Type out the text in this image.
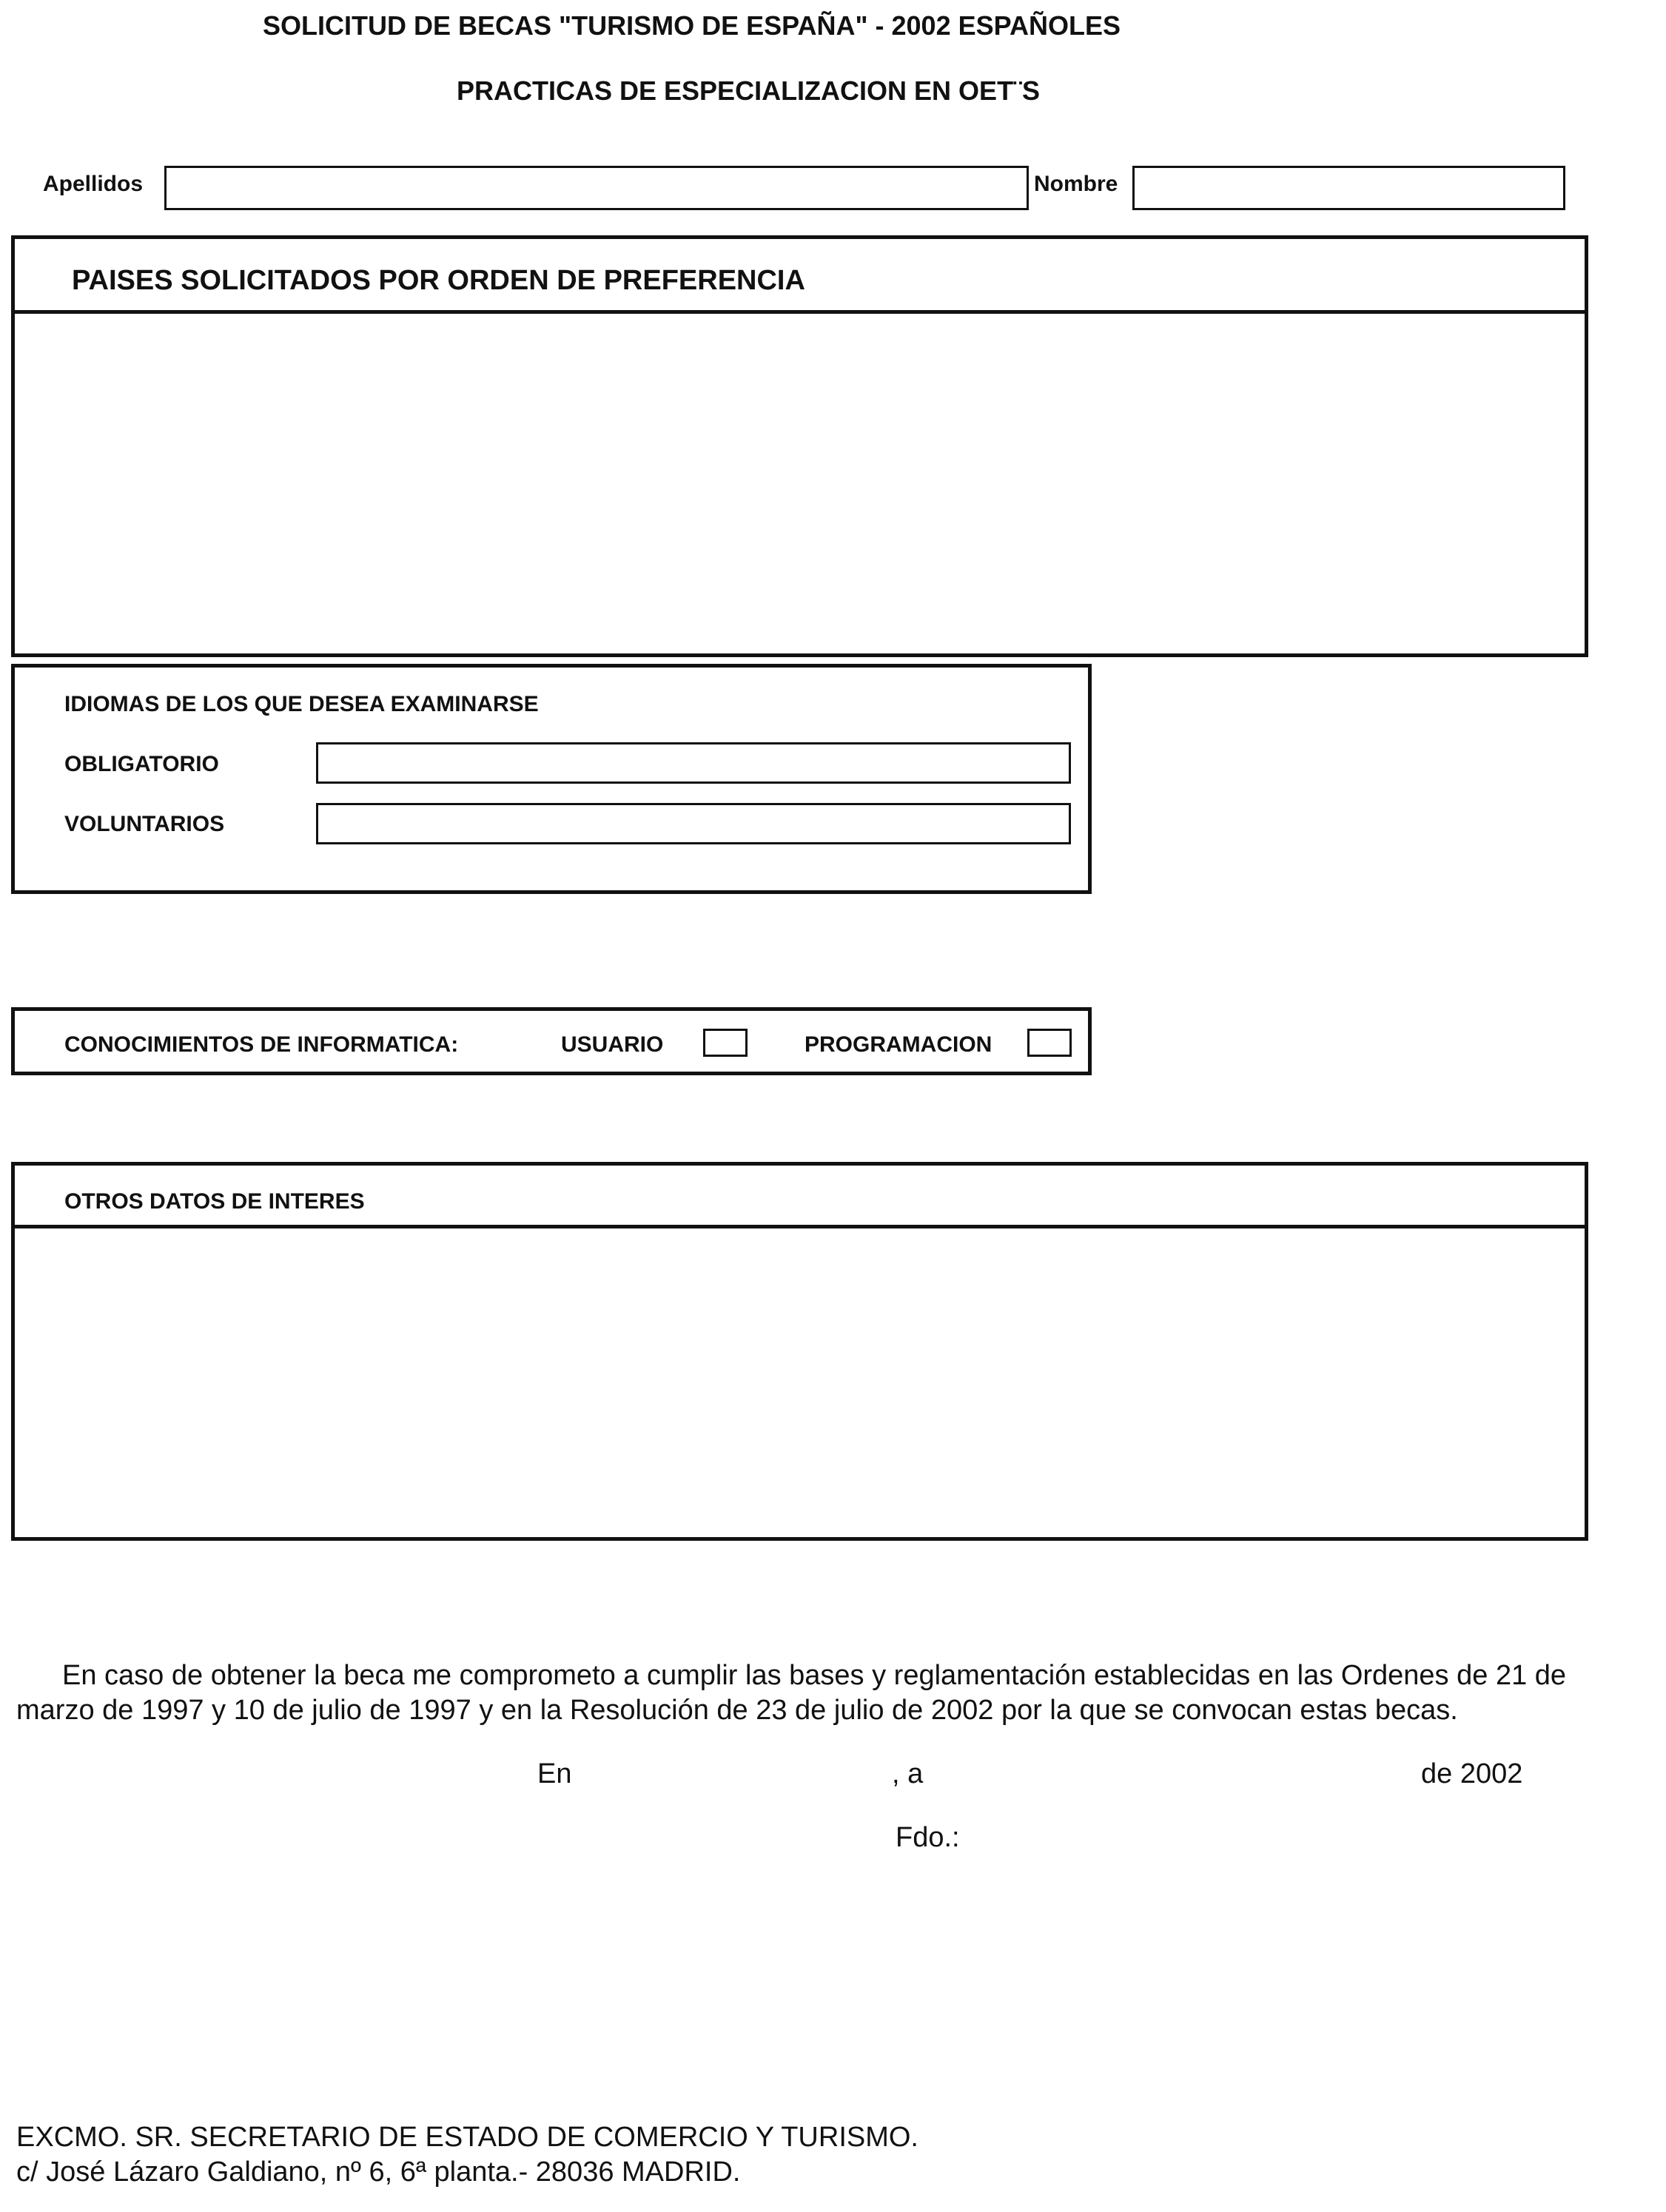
SOLICITUD DE BECAS "TURISMO DE ESPAÑA" - 2002 ESPAÑOLES
PRACTICAS DE ESPECIALIZACION EN OET¨S
Apellidos	Nombre
PAISES SOLICITADOS POR ORDEN DE PREFERENCIA
IDIOMAS DE LOS QUE DESEA EXAMINARSE
OBLIGATORIO
VOLUNTARIOS
CONOCIMIENTOS DE INFORMATICA:	USUARIO	PROGRAMACION
OTROS DATOS DE INTERES
En caso de obtener la beca me comprometo a cumplir las bases y reglamentación establecidas en las Ordenes de 21 de
marzo de 1997 y 10 de julio de 1997 y en la Resolución de 23 de julio de 2002 por la que se convocan estas becas.
En	, a	de 2002
Fdo.:
EXCMO. SR. SECRETARIO DE ESTADO DE COMERCIO Y TURISMO.
c/ José Lázaro Galdiano, nº 6, 6ª planta.- 28036 MADRID.
